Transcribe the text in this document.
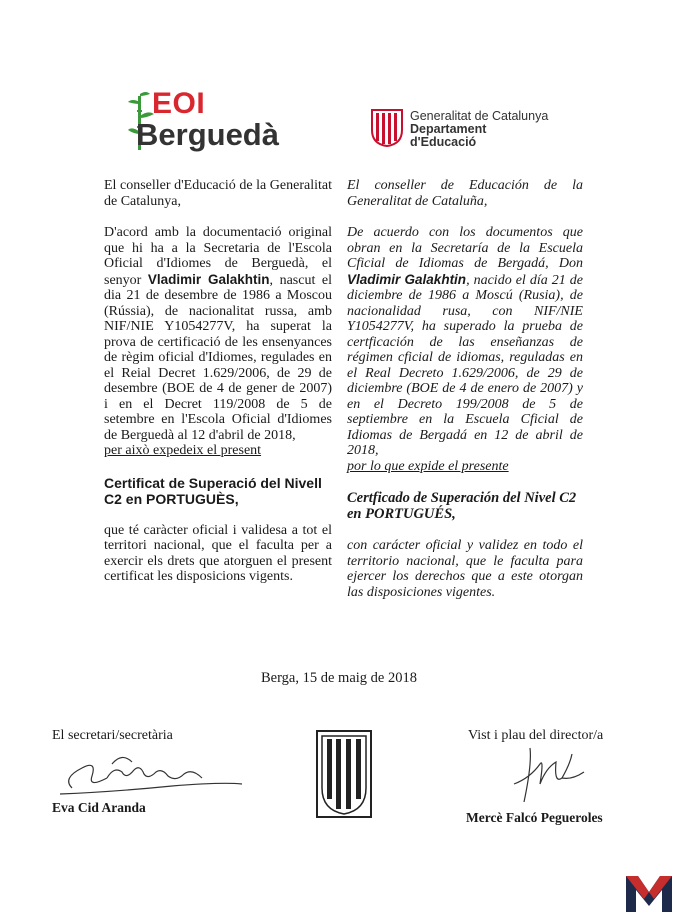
EOI
Berguedà
Generalitat de Catalunya
Departament
d'Educació

El conseller d'Educació de la Generalitat de Catalunya,

D'acord amb la documentació original que hi ha a la Secretaria de l'Escola Oficial d'Idiomes de Berguedà, el senyor Vladimir Galakhtin, nascut el dia 21 de desembre de 1986 a Moscou (Rússia), de nacionalitat russa, amb NIF/NIE Y1054277V, ha superat la prova de certificació de les ensenyances de règim oficial d'Idiomes, regulades en el Reial Decret 1.629/2006, de 29 de desembre (BOE de 4 de gener de 2007) i en el Decret 119/2008 de 5 de setembre en l'Escola Oficial d'Idiomes de Berguedà al 12 d'abril de 2018,

per això expedeix el present

Certificat de Superació del Nivell C2 en PORTUGUÈS,

que té caràcter oficial i validesa a tot el territori nacional, que el faculta per a exercir els drets que atorguen el present certificat les disposicions vigents.

El conseller de Educación de la Generalitat de Cataluña,

De acuerdo con los documentos que obran en la Secretaría de la Escuela Cficial de Idiomas de Bergadá, Don Vladimir Galakhtin, nacido el día 21 de diciembre de 1986 a Moscú (Rusia), de nacionalidad rusa, con NIF/NIE Y1054277V, ha superado la prueba de certficación de las enseñanzas de régimen cficial de idiomas, reguladas en el Real Decreto 1.629/2006, de 29 de diciembre (BOE de 4 de enero de 2007) y en el Decreto 199/2008 de 5 de septiembre en la Escuela Cficial de Idiomas de Bergadá en 12 de abril de 2018,

por lo que expide el presente

Certficado de Superación del Nivel C2 en PORTUGUÉS,

con carácter oficial y validez en todo el territorio nacional, que le faculta para ejercer los derechos que a este otorgan las disposiciones vigentes.

Berga, 15 de maig de 2018
El secretari/secretària
Eva Cid Aranda
Vist i plau del director/a
Mercè Falcó Pegueroles
